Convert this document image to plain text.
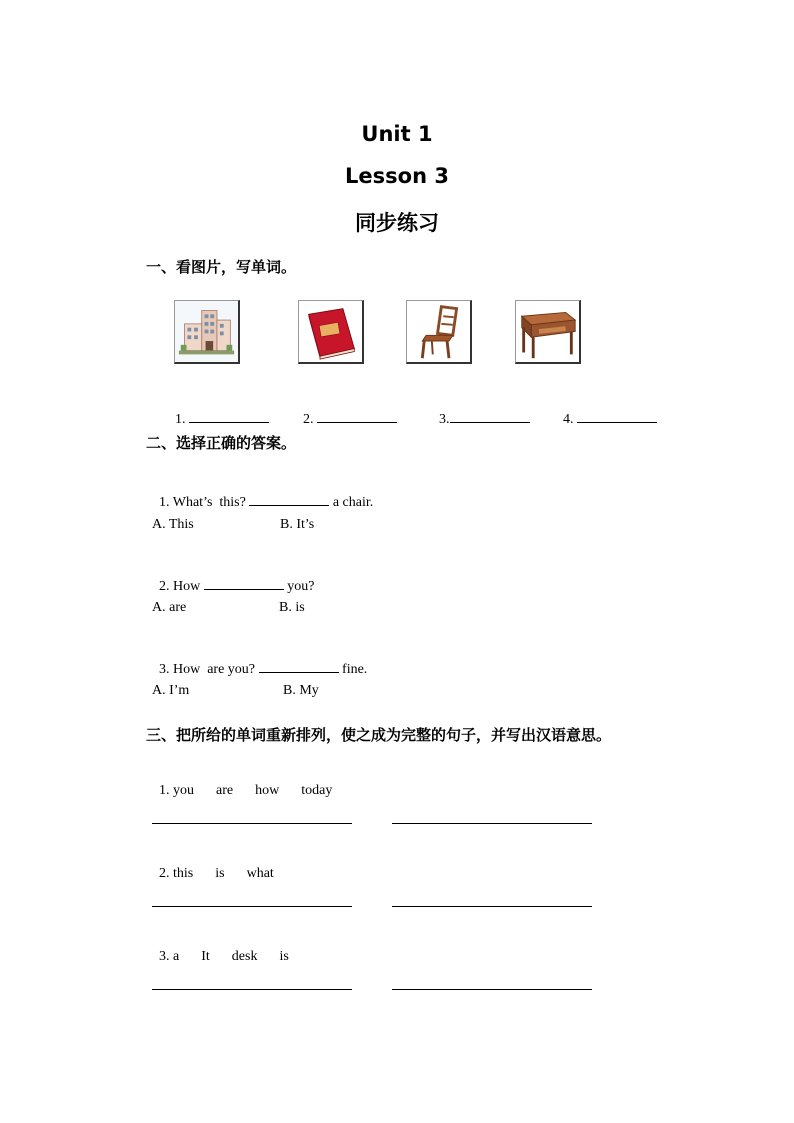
Unit 1
Lesson 3
同步练习
一、看图片，写单词。

1.	2.	3.	4.

二、选择正确的答案。

1. What’s  this?	a chair.

A. This	B. It’s

2. How	you?

A. are	B. is

3. How  are you?	fine.

A. I’m	B. My
三、把所给的单词重新排列，使之成为完整的句子，并写出汉语意思。

1. you are how today

2. this is what

3. a It desk is
